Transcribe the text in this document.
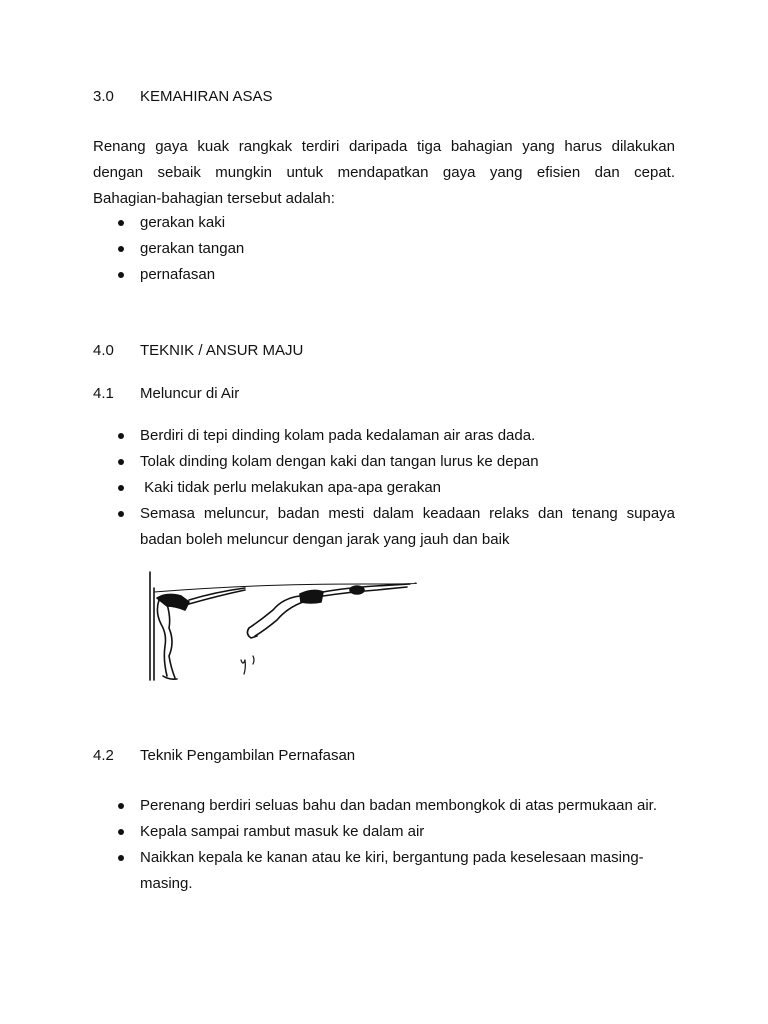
3.0	KEMAHIRAN ASAS
Renang gaya kuak rangkak terdiri daripada tiga bahagian yang harus dilakukan
dengan sebaik mungkin untuk mendapatkan gaya yang efisien dan cepat.
Bahagian-bahagian tersebut adalah:
gerakan kaki
gerakan tangan
pernafasan
4.0	TEKNIK / ANSUR MAJU
4.1	Meluncur di Air
Berdiri di tepi dinding kolam pada kedalaman air aras dada.
Tolak dinding kolam dengan kaki dan tangan lurus ke depan
Kaki tidak perlu melakukan apa-apa gerakan
Semasa meluncur, badan mesti dalam keadaan relaks dan tenang supaya
badan boleh meluncur dengan jarak yang jauh dan baik
4.2	Teknik Pengambilan Pernafasan
Perenang berdiri seluas bahu dan badan membongkok di atas permukaan air.
Kepala sampai rambut masuk ke dalam air
Naikkan kepala ke kanan atau ke kiri, bergantung pada keselesaan masing-
masing.
